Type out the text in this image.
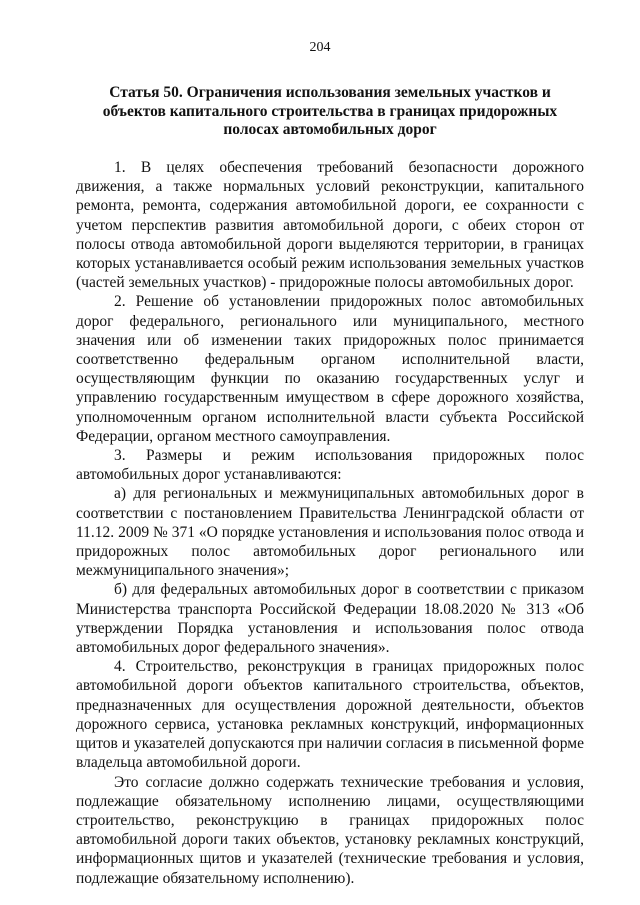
204
Статья 50. Ограничения использования земельных участков и объектов капитального строительства в границах придорожных полосах автомобильных дорог

1. В целях обеспечения требований безопасности дорожного движения, а также нормальных условий реконструкции, капитального ремонта, ремонта, содержания автомобильной дороги, ее сохранности с учетом перспектив развития автомобильной дороги, с обеих сторон от полосы отвода автомобильной дороги выделяются территории, в границах которых устанавливается особый режим использования земельных участков (частей земельных участков) - придорожные полосы автомобильных дорог.

2. Решение об установлении придорожных полос автомобильных дорог федерального, регионального или муниципального, местного значения или об изменении таких придорожных полос принимается соответственно федеральным органом исполнительной власти, осуществляющим функции по оказанию государственных услуг и управлению государственным имуществом в сфере дорожного хозяйства, уполномоченным органом исполнительной власти субъекта Российской Федерации, органом местного самоуправления.

3. Размеры и режим использования придорожных полос автомобильных дорог устанавливаются:

а) для региональных и межмуниципальных автомобильных дорог в соответствии с постановлением Правительства Ленинградской области от 11.12. 2009 № 371 «О порядке установления и использования полос отвода и придорожных полос автомобильных дорог регионального или межмуниципального значения»;

б) для федеральных автомобильных дорог в соответствии с приказом Министерства транспорта Российской Федерации 18.08.2020 № 313 «Об утверждении Порядка установления и использования полос отвода автомобильных дорог федерального значения».

4. Строительство, реконструкция в границах придорожных полос автомобильной дороги объектов капитального строительства, объектов, предназначенных для осуществления дорожной деятельности, объектов дорожного сервиса, установка рекламных конструкций, информационных щитов и указателей допускаются при наличии согласия в письменной форме владельца автомобильной дороги.

Это согласие должно содержать технические требования и условия, подлежащие обязательному исполнению лицами, осуществляющими строительство, реконструкцию в границах придорожных полос автомобильной дороги таких объектов, установку рекламных конструкций, информационных щитов и указателей (технические требования и условия, подлежащие обязательному исполнению).
